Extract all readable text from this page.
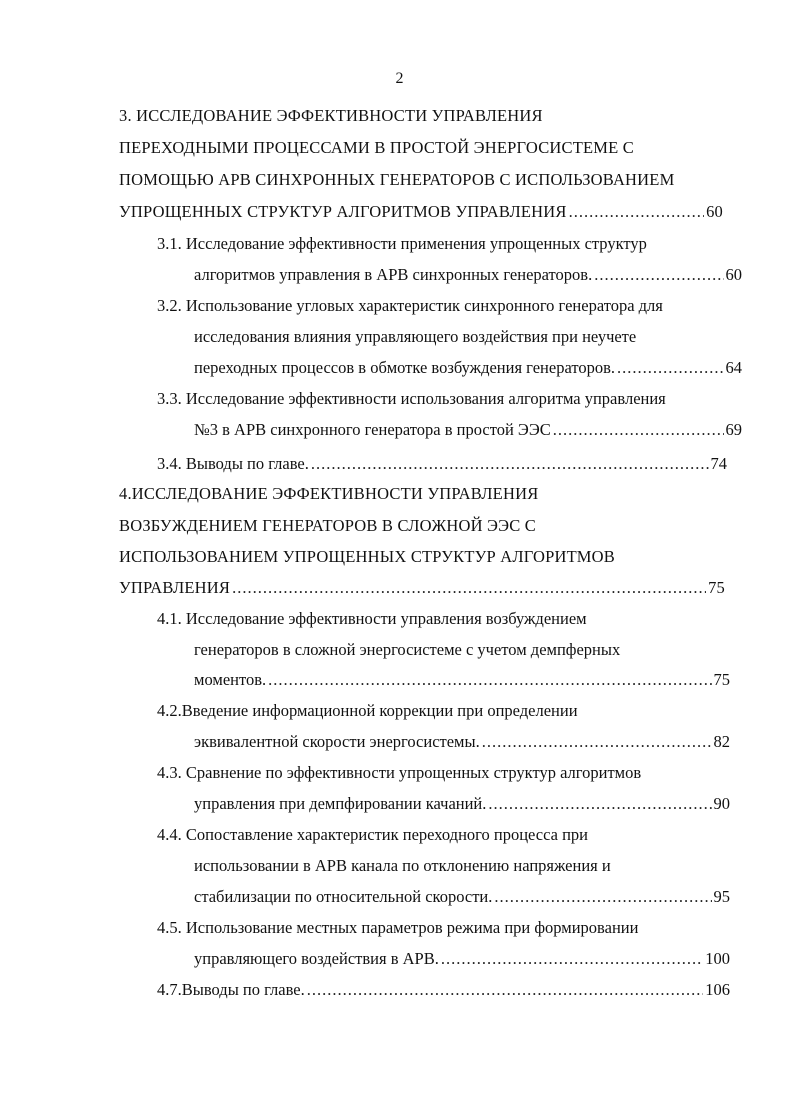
2
3. ИССЛЕДОВАНИЕ ЭФФЕКТИВНОСТИ УПРАВЛЕНИЯ
ПЕРЕХОДНЫМИ ПРОЦЕССАМИ В ПРОСТОЙ ЭНЕРГОСИСТЕМЕ С
ПОМОЩЬЮ АРВ СИНХРОННЫХ ГЕНЕРАТОРОВ С ИСПОЛЬЗОВАНИЕМ
УПРОЩЕННЫХ СТРУКТУР АЛГОРИТМОВ УПРАВЛЕНИЯ .....	60
3.1. Исследование эффективности применения упрощенных структур
алгоритмов управления в АРВ синхронных генераторов. .....	60
3.2. Использование угловых характеристик синхронного генератора для
исследования влияния управляющего воздействия при неучете
переходных процессов в обмотке возбуждения генераторов. .....	64
3.3. Исследование эффективности использования алгоритма управления
№3 в АРВ синхронного генератора в простой ЭЭС .....	69
3.4. Выводы по главе. .....	74
4.ИССЛЕДОВАНИЕ ЭФФЕКТИВНОСТИ УПРАВЛЕНИЯ
ВОЗБУЖДЕНИЕМ ГЕНЕРАТОРОВ В СЛОЖНОЙ ЭЭС С
ИСПОЛЬЗОВАНИЕМ УПРОЩЕННЫХ СТРУКТУР АЛГОРИТМОВ
УПРАВЛЕНИЯ .....	75
4.1. Исследование эффективности управления возбуждением
генераторов в сложной энергосистеме с учетом демпферных
моментов. .....	75
4.2.Введение информационной коррекции при определении
эквивалентной скорости энергосистемы. .....	82
4.3. Сравнение по эффективности упрощенных структур алгоритмов
управления при демпфировании качаний. .....	90
4.4. Сопоставление характеристик переходного процесса при
использовании в АРВ канала по отклонению напряжения и
стабилизации по относительной скорости. .....	95
4.5. Использование местных параметров режима при формировании
управляющего воздействия в АРВ. .....	100
4.7.Выводы по главе. .....	106
